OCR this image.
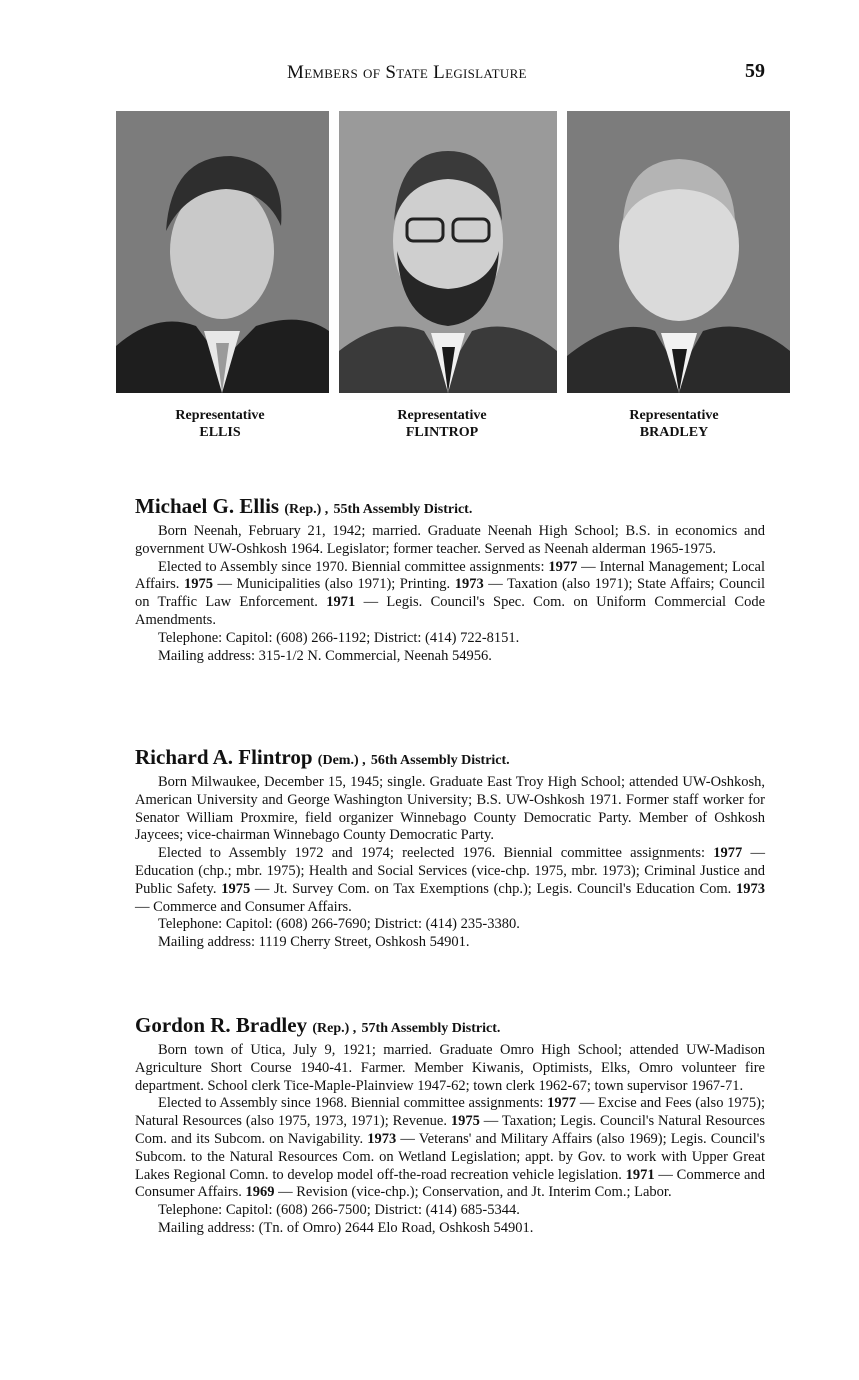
Members of State Legislature	59
Representative
ELLIS
Representative
FLINTROP
Representative
BRADLEY
Michael G. Ellis (Rep.) , 55th Assembly District.

Born Neenah, February 21, 1942; married. Graduate Neenah High School; B.S. in economics and government UW-Oshkosh 1964. Legislator; former teacher. Served as Neenah alderman 1965-1975.

Elected to Assembly since 1970. Biennial committee assignments: 1977 — Internal Management; Local Affairs. 1975 — Municipalities (also 1971); Printing. 1973 — Taxation (also 1971); State Affairs; Council on Traffic Law Enforcement. 1971 — Legis. Council's Spec. Com. on Uniform Commercial Code Amendments.

Telephone: Capitol: (608) 266-1192; District: (414) 722-8151.
Mailing address: 315-1/2 N. Commercial, Neenah 54956.
Richard A. Flintrop (Dem.) , 56th Assembly District.

Born Milwaukee, December 15, 1945; single. Graduate East Troy High School; attended UW-Oshkosh, American University and George Washington University; B.S. UW-Oshkosh 1971. Former staff worker for Senator William Proxmire, field organizer Winnebago County Democratic Party. Member of Oshkosh Jaycees; vice-chairman Winnebago County Democratic Party.

Elected to Assembly 1972 and 1974; reelected 1976. Biennial committee assignments: 1977 — Education (chp.; mbr. 1975); Health and Social Services (vice-chp. 1975, mbr. 1973); Criminal Justice and Public Safety. 1975 — Jt. Survey Com. on Tax Exemptions (chp.); Legis. Council's Education Com. 1973 — Commerce and Consumer Affairs.

Telephone: Capitol: (608) 266-7690; District: (414) 235-3380.
Mailing address: 1119 Cherry Street, Oshkosh 54901.
Gordon R. Bradley (Rep.) , 57th Assembly District.

Born town of Utica, July 9, 1921; married. Graduate Omro High School; attended UW-Madison Agriculture Short Course 1940-41. Farmer. Member Kiwanis, Optimists, Elks, Omro volunteer fire department. School clerk Tice-Maple-Plainview 1947-62; town clerk 1962-67; town supervisor 1967-71.

Elected to Assembly since 1968. Biennial committee assignments: 1977 — Excise and Fees (also 1975); Natural Resources (also 1975, 1973, 1971); Revenue. 1975 — Taxation; Legis. Council's Natural Resources Com. and its Subcom. on Navigability. 1973 — Veterans' and Military Affairs (also 1969); Legis. Council's Subcom. to the Natural Resources Com. on Wetland Legislation; appt. by Gov. to work with Upper Great Lakes Regional Comn. to develop model off-the-road recreation vehicle legislation. 1971 — Commerce and Consumer Affairs. 1969 — Revision (vice-chp.); Conservation, and Jt. Interim Com.; Labor.

Telephone: Capitol: (608) 266-7500; District: (414) 685-5344.
Mailing address: (Tn. of Omro) 2644 Elo Road, Oshkosh 54901.
